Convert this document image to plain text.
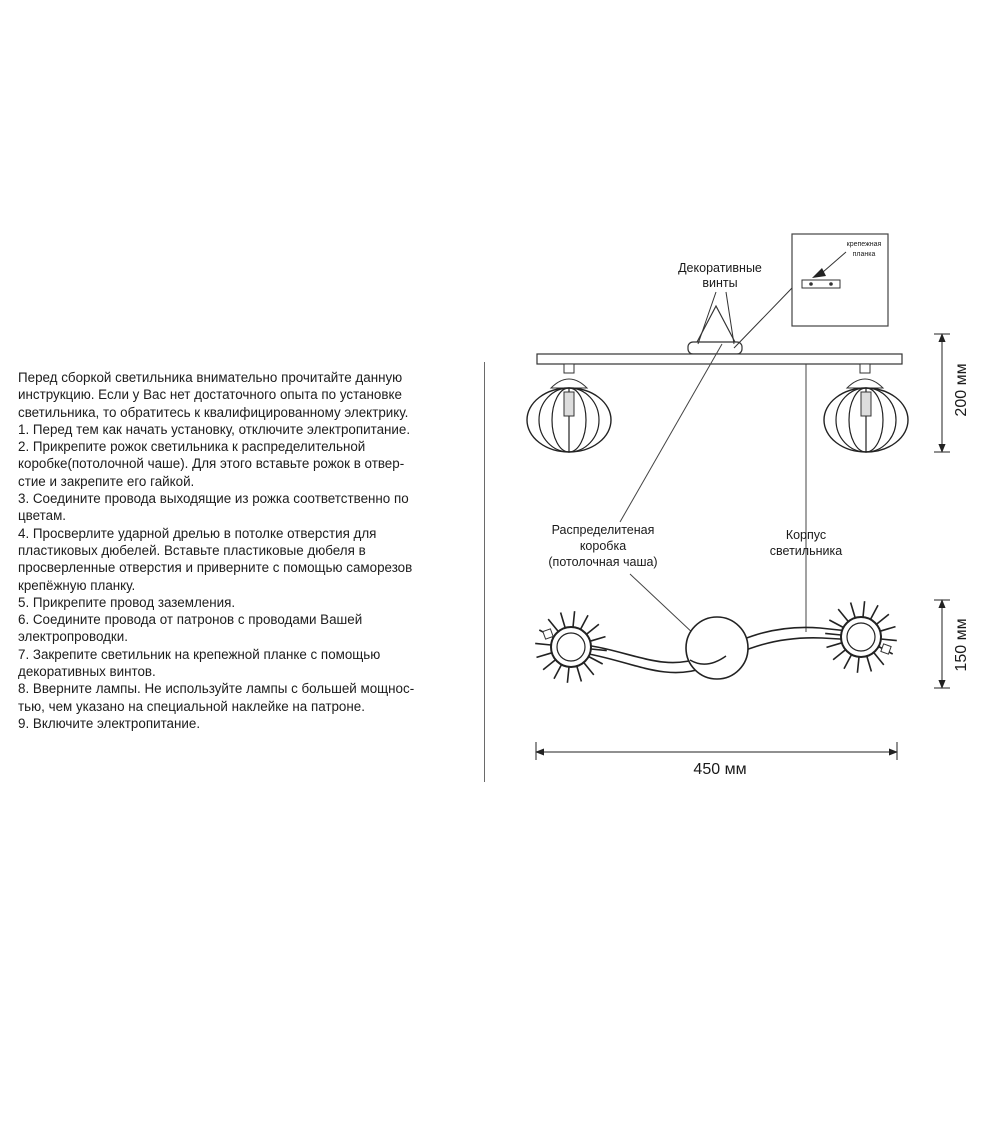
Перед сборкой светильника внимательно прочитайте данную
инструкцию. Если у Вас нет достаточного опыта по установке
светильника, то обратитесь к квалифицированному электрику.
1. Перед тем как начать установку, отключите электропитание.
2. Прикрепите рожок светильника к распределительной
коробке(потолочной чаше). Для этого вставьте рожок в отвер-
cтие и закрепите его гайкой.
3. Соедините провода выходящие из рожка соответственно по
цветам.
4. Просверлите ударной дрелью в потолке отверстия для
пластиковых дюбелей. Вставьте пластиковые дюбеля в
просверленные отверстия и приверните с помощью саморезов
крепёжную планку.
5. Прикрепите провод заземления.
6. Соедините провода от патронов с проводами Вашей
электропроводки.
7. Закрепите светильник на крепежной планке с помощью
декоративных винтов.
8. Вверните лампы. Не используйте лампы с большей мощнос-
тью, чем указано на специальной наклейке на патроне.
9. Включите электропитание.
Декоративные
винты
крепежная
планка
200 мм
Распределитеная
коробка
(потолочная чаша)
Корпус
светильника
150 мм
450 мм
